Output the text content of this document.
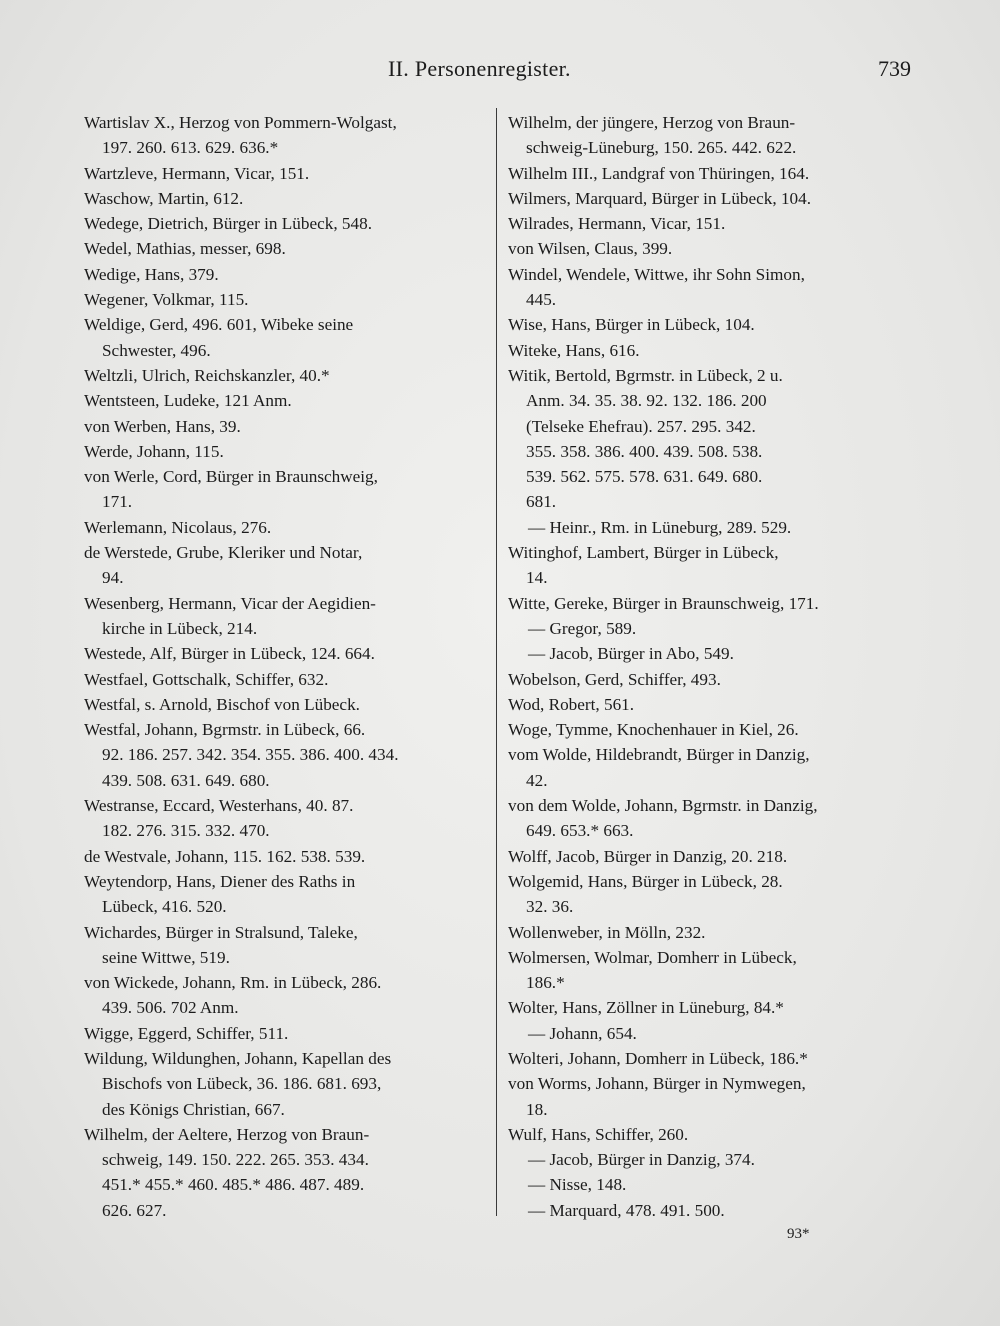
II. Personenregister.	739
Wartislav X., Herzog von Pommern-Wolgast,
197. 260. 613. 629. 636.*
Wartzleve, Hermann, Vicar, 151.
Waschow, Martin, 612.
Wedege, Dietrich, Bürger in Lübeck, 548.
Wedel, Mathias, messer, 698.
Wedige, Hans, 379.
Wegener, Volkmar, 115.
Weldige, Gerd, 496. 601, Wibeke seine
Schwester, 496.
Weltzli, Ulrich, Reichskanzler, 40.*
Wentsteen, Ludeke, 121 Anm.
von Werben, Hans, 39.
Werde, Johann, 115.
von Werle, Cord, Bürger in Braunschweig,
171.
Werlemann, Nicolaus, 276.
de Werstede, Grube, Kleriker und Notar,
94.
Wesenberg, Hermann, Vicar der Aegidien-
kirche in Lübeck, 214.
Westede, Alf, Bürger in Lübeck, 124. 664.
Westfael, Gottschalk, Schiffer, 632.
Westfal, s. Arnold, Bischof von Lübeck.
Westfal, Johann, Bgrmstr. in Lübeck, 66.
92. 186. 257. 342. 354. 355. 386. 400. 434.
439. 508. 631. 649. 680.
Westranse, Eccard, Westerhans, 40. 87.
182. 276. 315. 332. 470.
de Westvale, Johann, 115. 162. 538. 539.
Weytendorp, Hans, Diener des Raths in
Lübeck, 416. 520.
Wichardes, Bürger in Stralsund, Taleke,
seine Wittwe, 519.
von Wickede, Johann, Rm. in Lübeck, 286.
439. 506. 702 Anm.
Wigge, Eggerd, Schiffer, 511.
Wildung, Wildunghen, Johann, Kapellan des
Bischofs von Lübeck, 36. 186. 681. 693,
des Königs Christian, 667.
Wilhelm, der Aeltere, Herzog von Braun-
schweig, 149. 150. 222. 265. 353. 434.
451.* 455.* 460. 485.* 486. 487. 489.
626. 627.
Wilhelm, der jüngere, Herzog von Braun-
schweig-Lüneburg, 150. 265. 442. 622.
Wilhelm III., Landgraf von Thüringen, 164.
Wilmers, Marquard, Bürger in Lübeck, 104.
Wilrades, Hermann, Vicar, 151.
von Wilsen, Claus, 399.
Windel, Wendele, Wittwe, ihr Sohn Simon,
445.
Wise, Hans, Bürger in Lübeck, 104.
Witeke, Hans, 616.
Witik, Bertold, Bgrmstr. in Lübeck, 2 u.
Anm. 34. 35. 38. 92. 132. 186. 200
(Telseke Ehefrau). 257. 295. 342.
355. 358. 386. 400. 439. 508. 538.
539. 562. 575. 578. 631. 649. 680.
681.
— Heinr., Rm. in Lüneburg, 289. 529.
Witinghof, Lambert, Bürger in Lübeck,
14.
Witte, Gereke, Bürger in Braunschweig, 171.
— Gregor, 589.
— Jacob, Bürger in Abo, 549.
Wobelson, Gerd, Schiffer, 493.
Wod, Robert, 561.
Woge, Tymme, Knochenhauer in Kiel, 26.
vom Wolde, Hildebrandt, Bürger in Danzig,
42.
von dem Wolde, Johann, Bgrmstr. in Danzig,
649. 653.* 663.
Wolff, Jacob, Bürger in Danzig, 20. 218.
Wolgemid, Hans, Bürger in Lübeck, 28.
32. 36.
Wollenweber, in Mölln, 232.
Wolmersen, Wolmar, Domherr in Lübeck,
186.*
Wolter, Hans, Zöllner in Lüneburg, 84.*
— Johann, 654.
Wolteri, Johann, Domherr in Lübeck, 186.*
von Worms, Johann, Bürger in Nymwegen,
18.
Wulf, Hans, Schiffer, 260.
— Jacob, Bürger in Danzig, 374.
— Nisse, 148.
— Marquard, 478. 491. 500.
93*
